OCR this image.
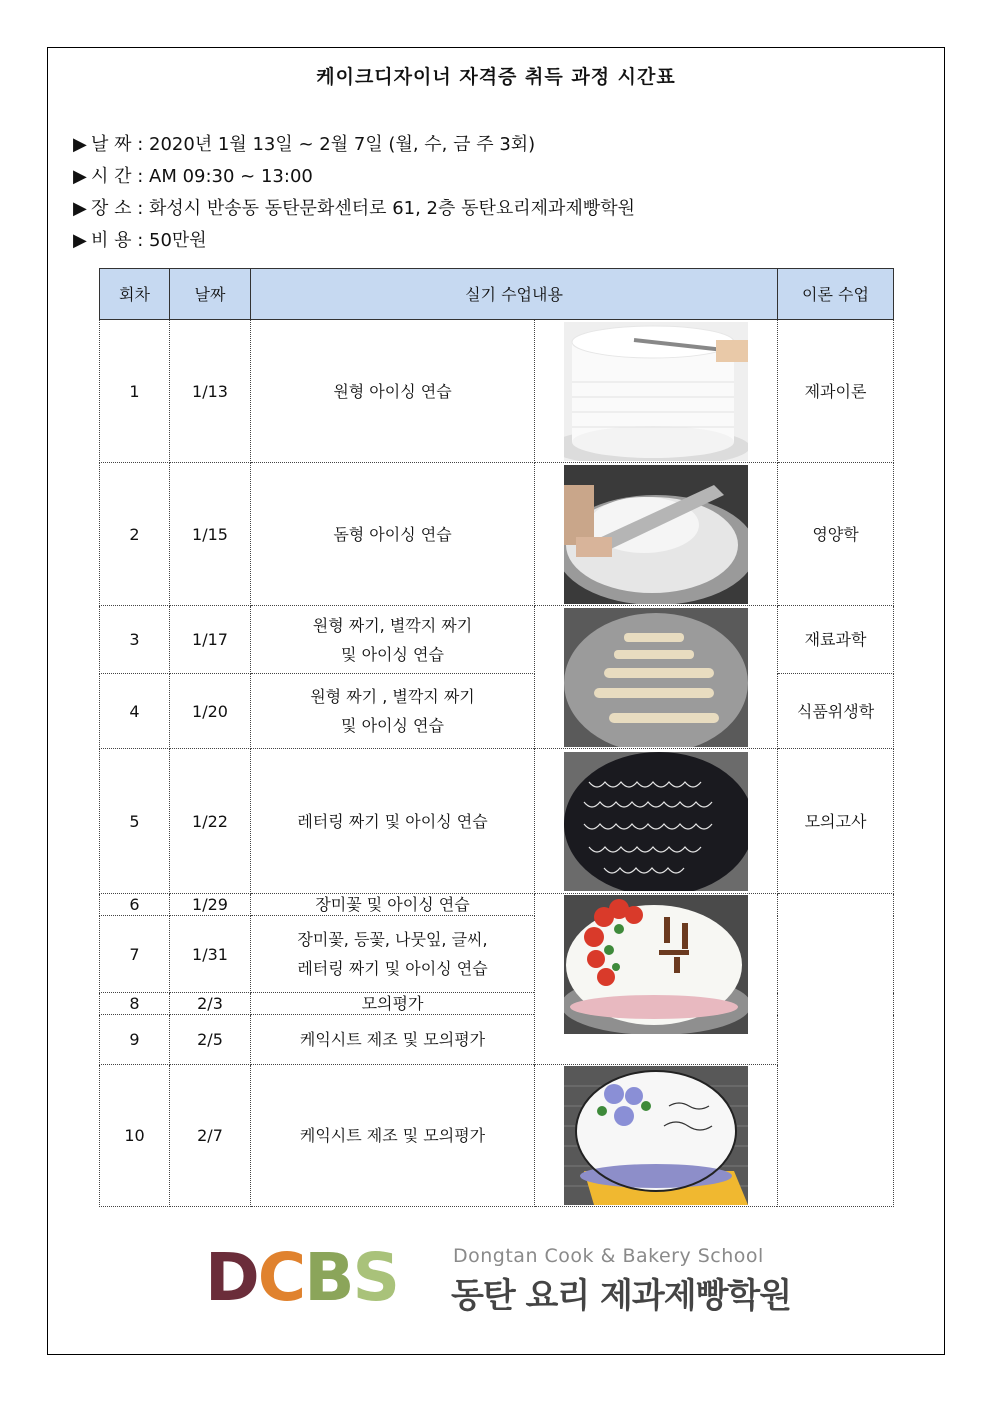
케이크디자이너 자격증 취득 과정 시간표
▶ 날 짜 : 2020년 1월 13일 ~ 2월 7일 (월, 수, 금 주 3회)
▶ 시 간 : AM 09:30 ~ 13:00
▶ 장 소 : 화성시 반송동 동탄문화센터로 61, 2층 동탄요리제과제빵학원
▶ 비 용 : 50만원
회차	날짜	실기 수업내용		이론 수업	
1	1/13	원형 아이싱 연습		제과이론	
2	1/15	돔형 아이싱 연습		영양학	
3	1/17	원형 짜기, 별깍지 짜기
및 아이싱 연습		재료과학	
4	1/20	원형 짜기 , 별깍지 짜기
및 아이싱 연습		식품위생학	
5	1/22	레터링 짜기 및 아이싱 연습		모의고사	
6	1/29	장미꽃 및 아이싱 연습	

7	1/31	장미꽃, 등꽃, 나뭇잎, 글씨,
레터링 짜기 및 아이싱 연습			

8	2/3	모의평가			
9	2/5	케익시트 제조 및 모의평가			
10	2/7	케익시트 제조 및 모의평가	

DCBS	Dongtan Cook & Bakery School
동탄 요리 제과제빵학원
